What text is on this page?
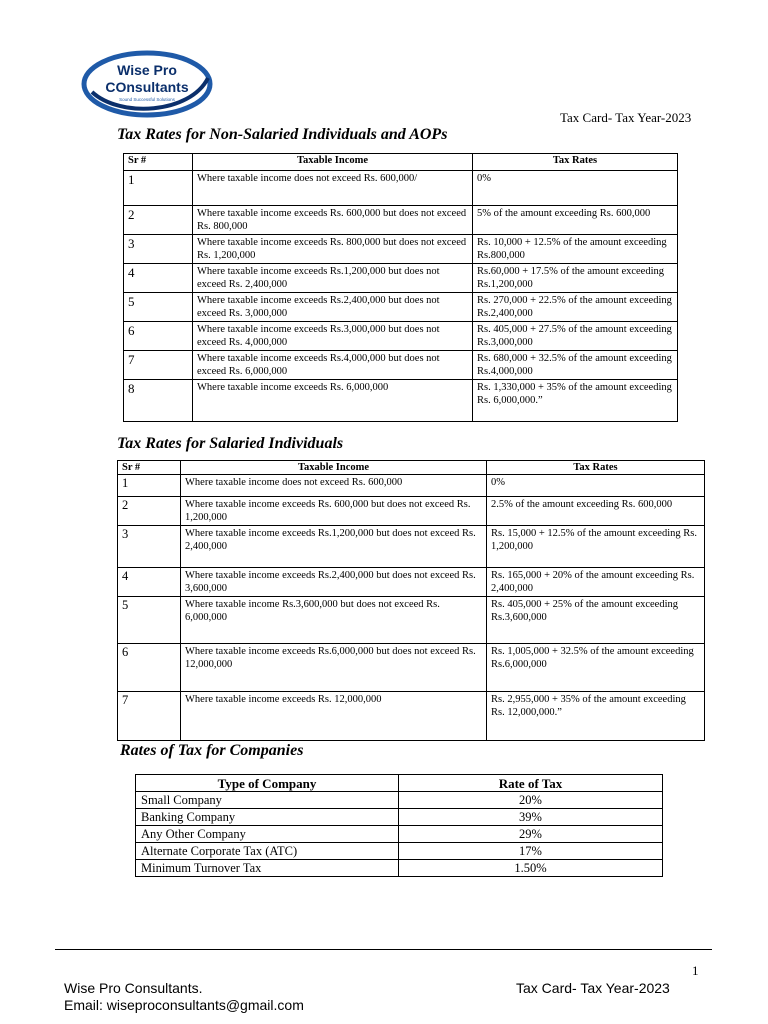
Wise Pro
COnsultants
Sound Successful Solutions
Tax Card- Tax Year-2023
Tax Rates for Non-Salaried Individuals and AOPs
Sr #	Taxable Income	Tax Rates
1	Where taxable income does not exceed Rs. 600,000/	0%
2	Where taxable income exceeds Rs. 600,000 but does not exceed Rs. 800,000	5% of the amount exceeding Rs. 600,000
3	Where taxable income exceeds Rs. 800,000 but does not exceed Rs. 1,200,000	Rs. 10,000 + 12.5% of the amount exceeding Rs.800,000
4	Where taxable income exceeds Rs.1,200,000 but does not exceed Rs. 2,400,000	Rs.60,000 + 17.5% of the amount exceeding Rs.1,200,000
5	Where taxable income exceeds Rs.2,400,000 but does not exceed Rs. 3,000,000	Rs. 270,000 + 22.5% of the amount exceeding Rs.2,400,000
6	Where taxable income exceeds Rs.3,000,000 but does not exceed Rs. 4,000,000	Rs. 405,000 + 27.5% of the amount exceeding Rs.3,000,000
7	Where taxable income exceeds Rs.4,000,000 but does not exceed Rs. 6,000,000	Rs. 680,000 + 32.5% of the amount exceeding Rs.4,000,000
8	Where taxable income exceeds Rs. 6,000,000	Rs. 1,330,000 + 35% of the amount exceeding Rs. 6,000,000.”
Tax Rates for Salaried Individuals
Sr #	Taxable Income	Tax Rates
1	Where taxable income does not exceed Rs. 600,000	0%
2	Where taxable income exceeds Rs. 600,000 but does not exceed Rs. 1,200,000	2.5% of the amount exceeding Rs. 600,000
3	Where taxable income exceeds Rs.1,200,000 but does not exceed Rs. 2,400,000	Rs. 15,000 + 12.5% of the amount exceeding Rs. 1,200,000
4	Where taxable income exceeds Rs.2,400,000 but does not exceed Rs. 3,600,000	Rs. 165,000 + 20% of the amount exceeding Rs. 2,400,000
5	Where taxable income Rs.3,600,000 but does not exceed Rs. 6,000,000	Rs. 405,000 + 25% of the amount exceeding Rs.3,600,000
6	Where taxable income exceeds Rs.6,000,000 but does not exceed Rs. 12,000,000	Rs. 1,005,000 + 32.5% of the amount exceeding Rs.6,000,000
7	Where taxable income exceeds Rs. 12,000,000	Rs. 2,955,000 + 35% of the amount exceeding Rs. 12,000,000.”
Rates of Tax for Companies
Type of Company	Rate of Tax
Small Company	20%
Banking Company	39%
Any Other Company	29%
Alternate Corporate Tax (ATC)	17%
Minimum Turnover Tax	1.50%
1
Wise Pro Consultants.
Email: wiseproconsultants@gmail.com
Tax Card- Tax Year-2023
